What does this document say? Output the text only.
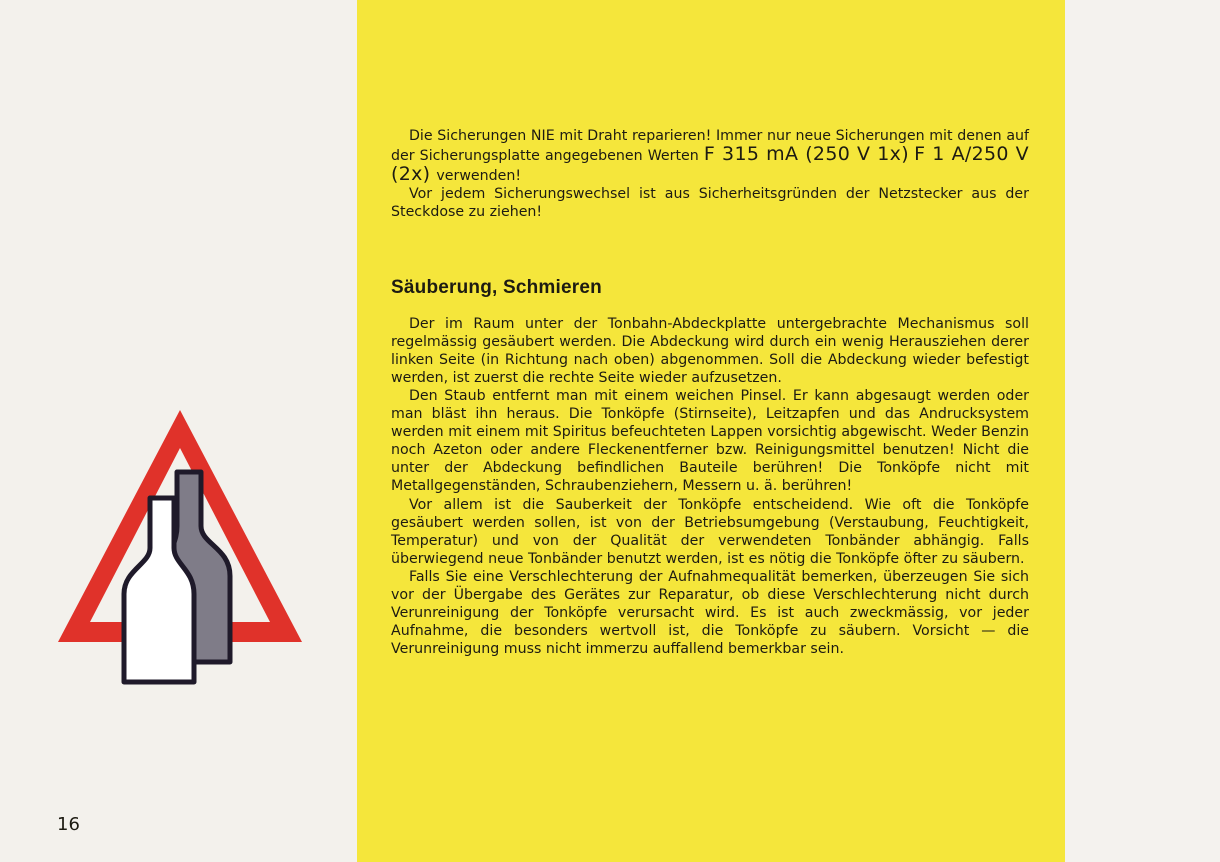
Die Sicherungen NIE mit Draht reparieren! Immer nur neue Sicherungen mit denen auf der Sicherungsplatte angegebenen Werten F 315 mA (250 V 1x) F 1 A/250 V (2x) verwenden!

Vor jedem Sicherungswechsel ist aus Sicherheitsgründen der Netzstecker aus der Steckdose zu ziehen!

Säuberung, Schmieren

Der im Raum unter der Tonbahn-Abdeckplatte untergebrachte Mechanismus soll regelmässig gesäubert werden. Die Abdeckung wird durch ein wenig Herausziehen derer linken Seite (in Richtung nach oben) abgenommen. Soll die Abdeckung wieder befestigt werden, ist zuerst die rechte Seite wieder aufzusetzen.

Den Staub entfernt man mit einem weichen Pinsel. Er kann abgesaugt werden oder man bläst ihn heraus. Die Tonköpfe (Stirnseite), Leitzapfen und das Andrucksystem werden mit einem mit Spiritus befeuchteten Lappen vorsichtig abgewischt. Weder Benzin noch Azeton oder andere Fleckenentferner bzw. Reinigungsmittel benutzen! Nicht die unter der Abdeckung befindlichen Bauteile berühren! Die Tonköpfe nicht mit Metallgegenständen, Schraubenziehern, Messern u. ä. berühren!

Vor allem ist die Sauberkeit der Tonköpfe entscheidend. Wie oft die Tonköpfe gesäubert werden sollen, ist von der Betriebsumgebung (Verstaubung, Feuchtigkeit, Temperatur) und von der Qualität der verwendeten Tonbänder abhängig. Falls überwiegend neue Tonbänder benutzt werden, ist es nötig die Tonköpfe öfter zu säubern.

Falls Sie eine Verschlechterung der Aufnahmequalität bemerken, überzeugen Sie sich vor der Übergabe des Gerätes zur Reparatur, ob diese Verschlechterung nicht durch Verunreinigung der Tonköpfe verursacht wird. Es ist auch zweckmässig, vor jeder Aufnahme, die besonders wertvoll ist, die Tonköpfe zu säubern. Vorsicht — die Verunreinigung muss nicht immerzu auffallend bemerkbar sein.

16
